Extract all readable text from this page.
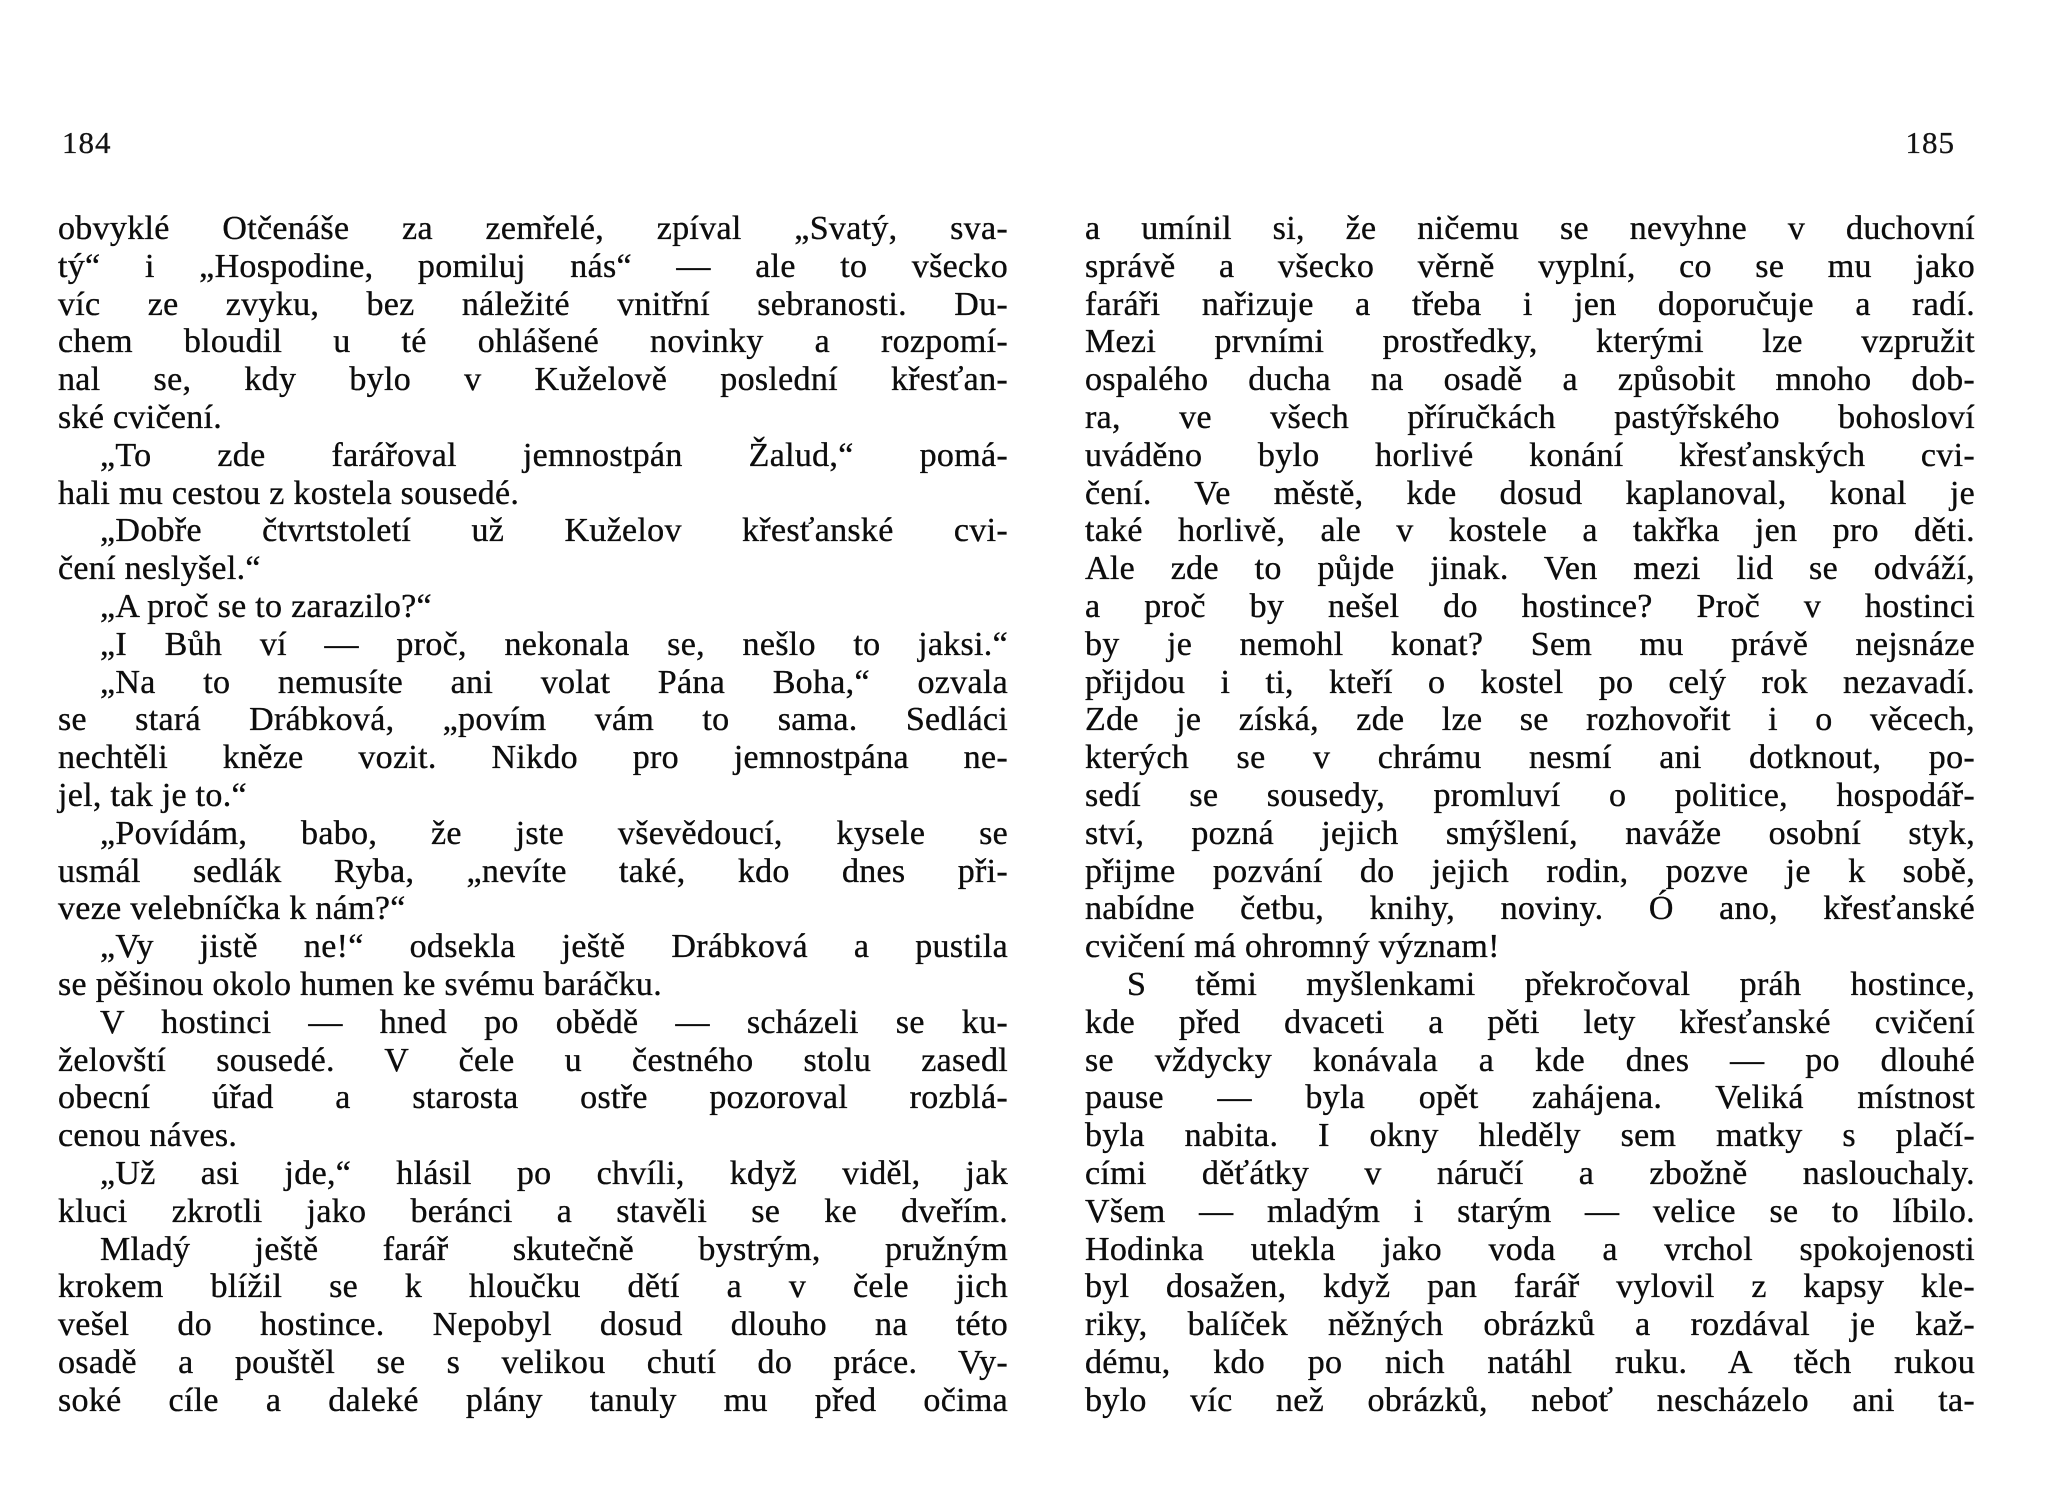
184
obvyklé Otčenáše za zemřelé, zpíval „Svatý, sva-
tý“ i „Hospodine, pomiluj nás“ — ale to všecko
víc ze zvyku, bez náležité vnitřní sebranosti. Du-
chem bloudil u té ohlášené novinky a rozpomí-
nal se, kdy bylo v Kuželově poslední křesťan-
ské cvičení.
„To zde farářoval jemnostpán Žalud,“ pomá-
hali mu cestou z kostela sousedé.
„Dobře čtvrtstoletí už Kuželov křesťanské cvi-
čení neslyšel.“
„A proč se to zarazilo?“
„I Bůh ví — proč, nekonala se, nešlo to jaksi.“
„Na to nemusíte ani volat Pána Boha,“ ozvala
se stará Drábková, „povím vám to sama. Sedláci
nechtěli kněze vozit. Nikdo pro jemnostpána ne-
jel, tak je to.“
„Povídám, babo, že jste vševědoucí, kysele se
usmál sedlák Ryba, „nevíte také, kdo dnes při-
veze velebníčka k nám?“
„Vy jistě ne!“ odsekla ještě Drábková a pustila
se pěšinou okolo humen ke svému baráčku.
V hostinci — hned po obědě — scházeli se ku-
želovští sousedé. V čele u čestného stolu zasedl
obecní úřad a starosta ostře pozoroval rozblá-
cenou náves.
„Už asi jde,“ hlásil po chvíli, když viděl, jak
kluci zkrotli jako beránci a stavěli se ke dveřím.
Mladý ještě farář skutečně bystrým, pružným
krokem blížil se k hloučku dětí a v čele jich
vešel do hostince. Nepobyl dosud dlouho na této
osadě a pouštěl se s velikou chutí do práce. Vy-
soké cíle a daleké plány tanuly mu před očima
185
a umínil si, že ničemu se nevyhne v duchovní
správě a všecko věrně vyplní, co se mu jako
faráři nařizuje a třeba i jen doporučuje a radí.
Mezi prvními prostředky, kterými lze vzpružit
ospalého ducha na osadě a způsobit mnoho dob-
ra, ve všech příručkách pastýřského bohosloví
uváděno bylo horlivé konání křesťanských cvi-
čení. Ve městě, kde dosud kaplanoval, konal je
také horlivě, ale v kostele a takřka jen pro děti.
Ale zde to půjde jinak. Ven mezi lid se odváží,
a proč by nešel do hostince? Proč v hostinci
by je nemohl konat? Sem mu právě nejsnáze
přijdou i ti, kteří o kostel po celý rok nezavadí.
Zde je získá, zde lze se rozhovořit i o věcech,
kterých se v chrámu nesmí ani dotknout, po-
sedí se sousedy, promluví o politice, hospodář-
ství, pozná jejich smýšlení, naváže osobní styk,
přijme pozvání do jejich rodin, pozve je k sobě,
nabídne četbu, knihy, noviny. Ó ano, křesťanské
cvičení má ohromný význam!
S těmi myšlenkami překročoval práh hostince,
kde před dvaceti a pěti lety křesťanské cvičení
se vždycky konávala a kde dnes — po dlouhé
pause — byla opět zahájena. Veliká místnost
byla nabita. I okny hleděly sem matky s plačí-
cími děťátky v náručí a zbožně naslouchaly.
Všem — mladým i starým — velice se to líbilo.
Hodinka utekla jako voda a vrchol spokojenosti
byl dosažen, když pan farář vylovil z kapsy kle-
riky, balíček něžných obrázků a rozdával je kaž-
dému, kdo po nich natáhl ruku. A těch rukou
bylo víc než obrázků, neboť nescházelo ani ta-
